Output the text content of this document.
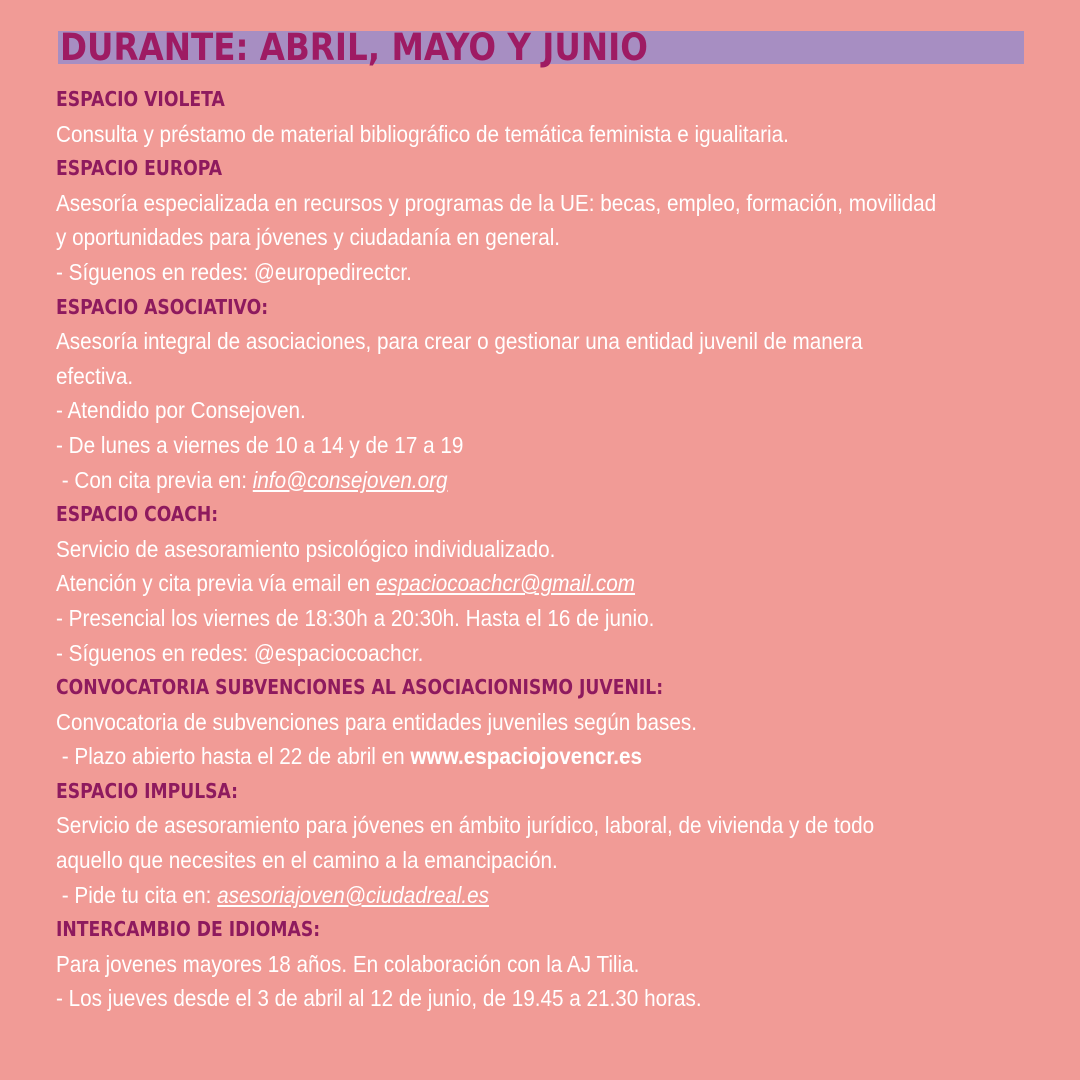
DURANTE: ABRIL, MAYO Y JUNIO
ESPACIO VIOLETA
Consulta y préstamo de material bibliográfico de temática feminista e igualitaria.
ESPACIO EUROPA
Asesoría especializada en recursos y programas de la UE: becas, empleo, formación, movilidad
y oportunidades para jóvenes y ciudadanía en general.
- Síguenos en redes: @europedirectcr.
ESPACIO ASOCIATIVO:
Asesoría integral de asociaciones, para crear o gestionar una entidad juvenil de manera
efectiva.
- Atendido por Consejoven.
- De lunes a viernes de 10 a 14 y de 17 a 19
- Con cita previa en: info@consejoven.org
ESPACIO COACH:
Servicio de asesoramiento psicológico individualizado.
Atención y cita previa vía email en espaciocoachcr@gmail.com
- Presencial los viernes de 18:30h a 20:30h. Hasta el 16 de junio.
- Síguenos en redes: @espaciocoachcr.
CONVOCATORIA SUBVENCIONES AL ASOCIACIONISMO JUVENIL:
Convocatoria de subvenciones para entidades juveniles según bases.
- Plazo abierto hasta el 22 de abril en www.espaciojovencr.es
ESPACIO IMPULSA:
Servicio de asesoramiento para jóvenes en ámbito jurídico, laboral, de vivienda y de todo
aquello que necesites en el camino a la emancipación.
- Pide tu cita en: asesoriajoven@ciudadreal.es
INTERCAMBIO DE IDIOMAS:
Para jovenes mayores 18 años. En colaboración con la AJ Tilia.
- Los jueves desde el 3 de abril al 12 de junio, de 19.45 a 21.30 horas.
